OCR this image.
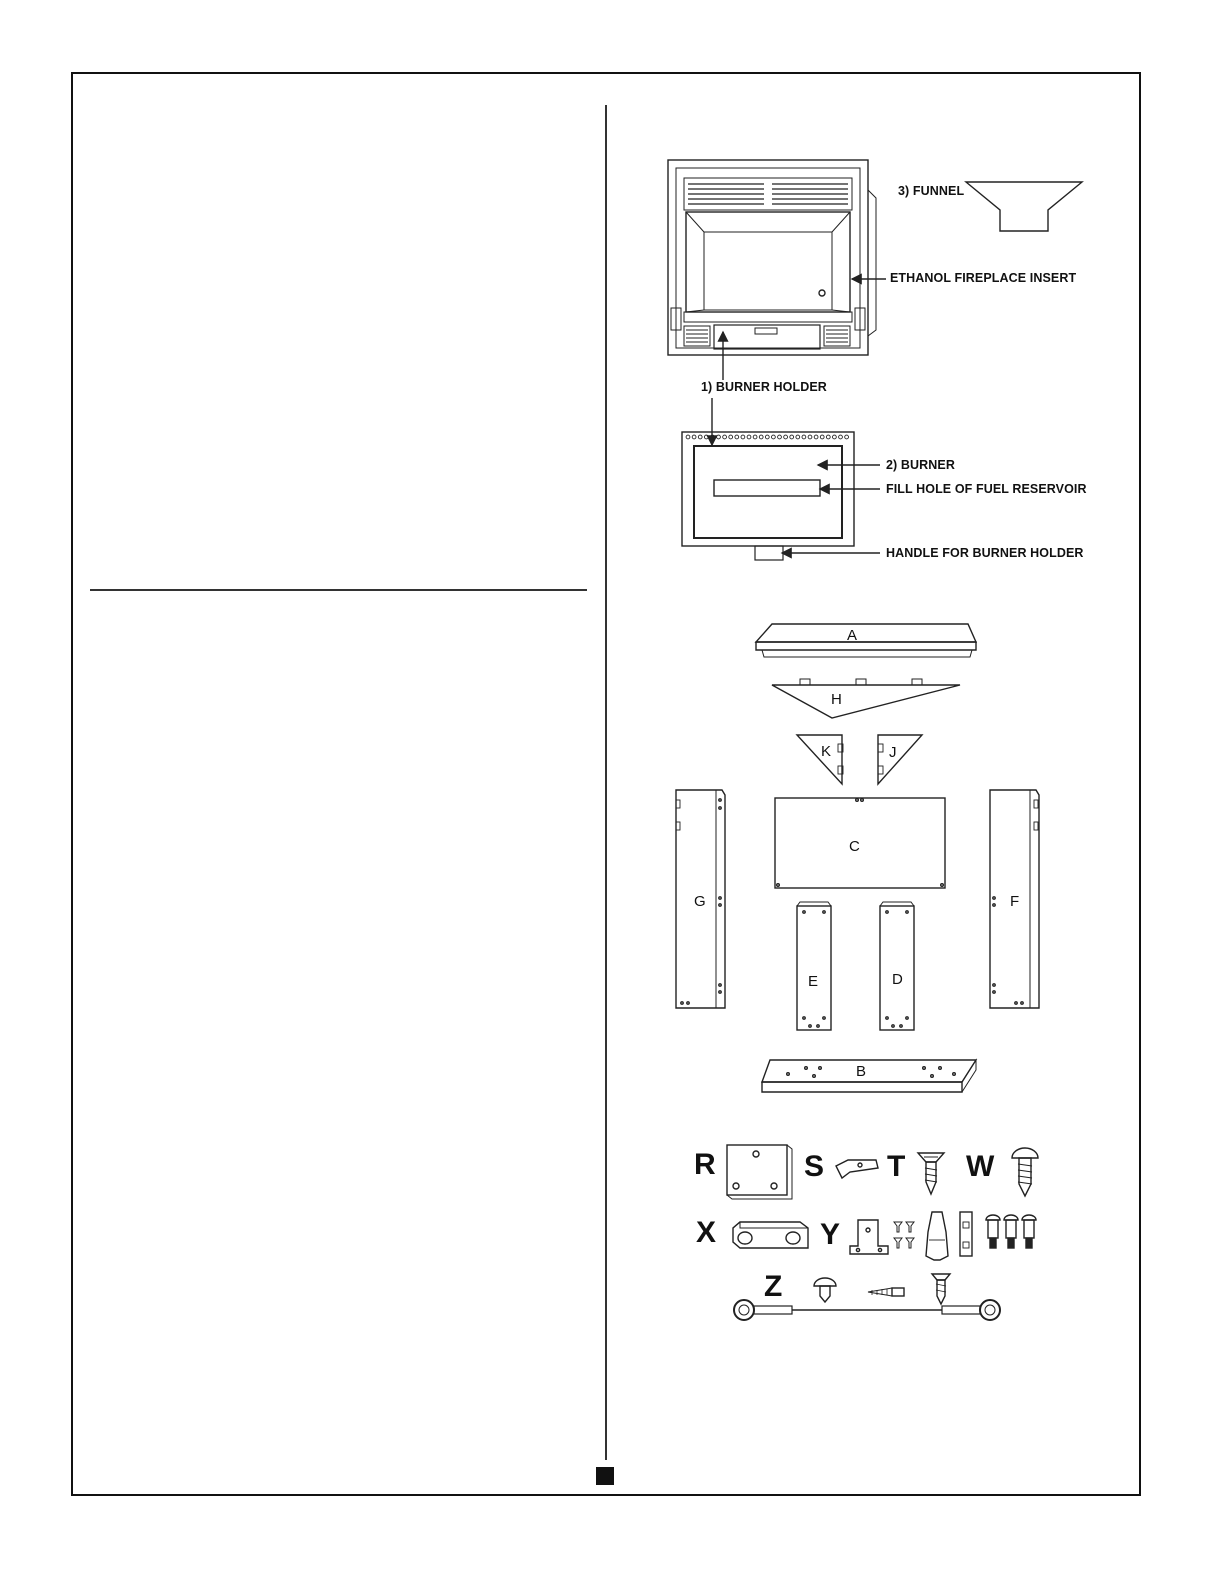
3) FUNNEL
ETHANOL FIREPLACE INSERT
1) BURNER HOLDER
2) BURNER
FILL HOLE OF FUEL RESERVOIR
HANDLE FOR BURNER HOLDER
A
H
K	J
C
G	F
E	D
B
R	S T W
X	Y
Z
